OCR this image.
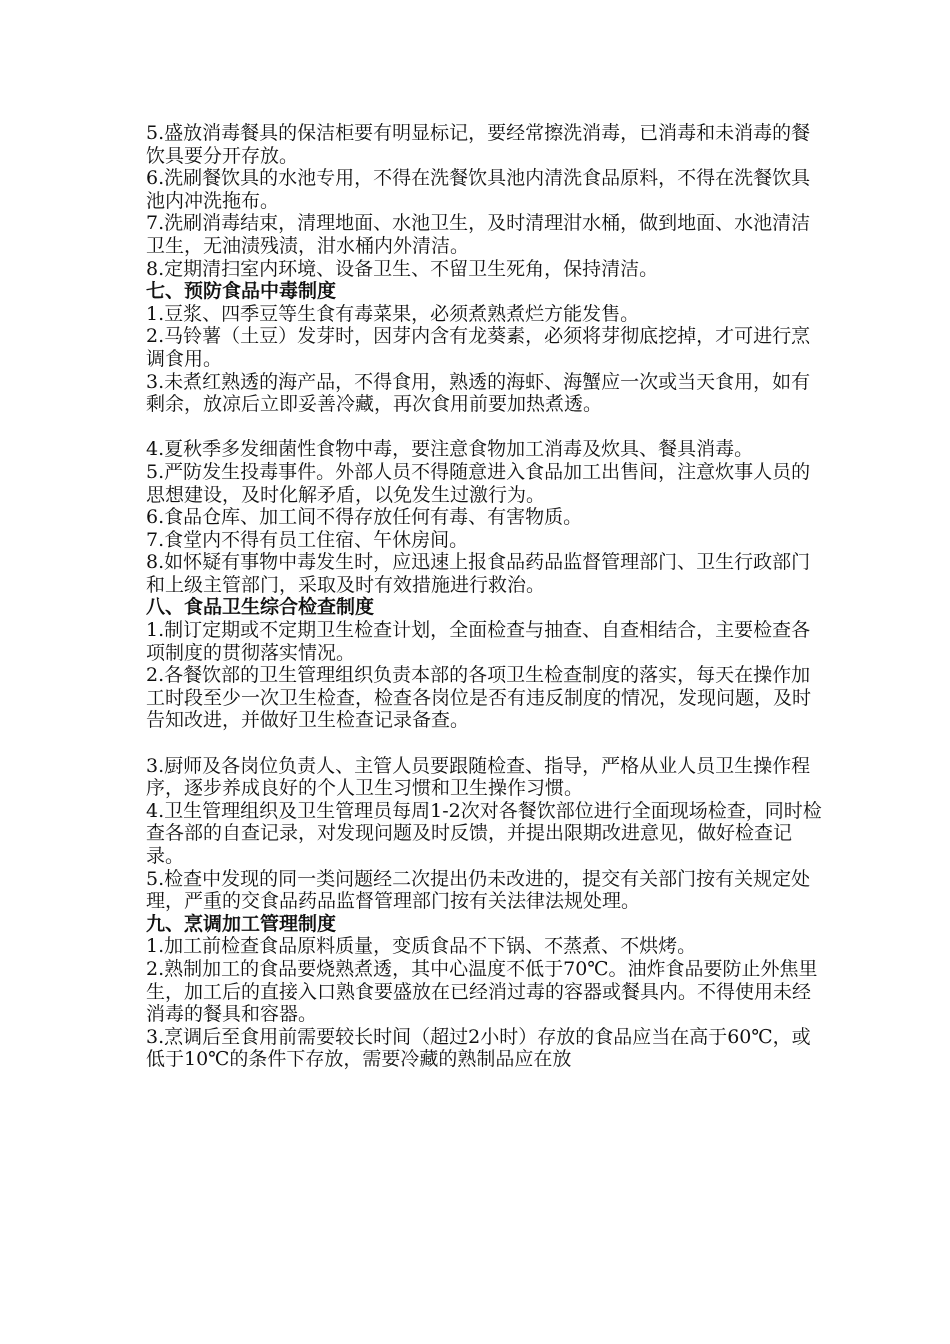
5.盛放消毒餐具的保洁柜要有明显标记，要经常擦洗消毒，已消毒和未消毒的餐饮具要分开存放。

6.洗刷餐饮具的水池专用，不得在洗餐饮具池内清洗食品原料，不得在洗餐饮具池内冲洗拖布。

7.洗刷消毒结束，清理地面、水池卫生，及时清理泔水桶，做到地面、水池清洁卫生，无油渍残渍，泔水桶内外清洁。

8.定期清扫室内环境、设备卫生、不留卫生死角，保持清洁。

七、预防食品中毒制度

1.豆浆、四季豆等生食有毒菜果，必须煮熟煮烂方能发售。

2.马铃薯（土豆）发芽时，因芽内含有龙葵素，必须将芽彻底挖掉，才可进行烹调食用。

3.未煮红熟透的海产品，不得食用，熟透的海虾、海蟹应一次或当天食用，如有剩余，放凉后立即妥善冷藏，再次食用前要加热煮透。

4.夏秋季多发细菌性食物中毒，要注意食物加工消毒及炊具、餐具消毒。

5.严防发生投毒事件。外部人员不得随意进入食品加工出售间，注意炊事人员的思想建设，及时化解矛盾，以免发生过激行为。

6.食品仓库、加工间不得存放任何有毒、有害物质。

7.食堂内不得有员工住宿、午休房间。

8.如怀疑有事物中毒发生时，应迅速上报食品药品监督管理部门、卫生行政部门和上级主管部门，采取及时有效措施进行救治。

八、食品卫生综合检查制度

1.制订定期或不定期卫生检查计划，全面检查与抽查、自查相结合，主要检查各项制度的贯彻落实情况。

2.各餐饮部的卫生管理组织负责本部的各项卫生检查制度的落实，每天在操作加工时段至少一次卫生检查，检查各岗位是否有违反制度的情况，发现问题，及时告知改进，并做好卫生检查记录备查。

3.厨师及各岗位负责人、主管人员要跟随检查、指导，严格从业人员卫生操作程序，逐步养成良好的个人卫生习惯和卫生操作习惯。

4.卫生管理组织及卫生管理员每周1-2次对各餐饮部位进行全面现场检查，同时检查各部的自查记录，对发现问题及时反馈，并提出限期改进意见，做好检查记录。

5.检查中发现的同一类问题经二次提出仍未改进的，提交有关部门按有关规定处理，严重的交食品药品监督管理部门按有关法律法规处理。

九、烹调加工管理制度

1.加工前检查食品原料质量，变质食品不下锅、不蒸煮、不烘烤。

2.熟制加工的食品要烧熟煮透，其中心温度不低于70℃。油炸食品要防止外焦里生，加工后的直接入口熟食要盛放在已经消过毒的容器或餐具内。不得使用未经消毒的餐具和容器。

3.烹调后至食用前需要较长时间（超过2小时）存放的食品应当在高于60℃，或低于10℃的条件下存放，需要冷藏的熟制品应在放
